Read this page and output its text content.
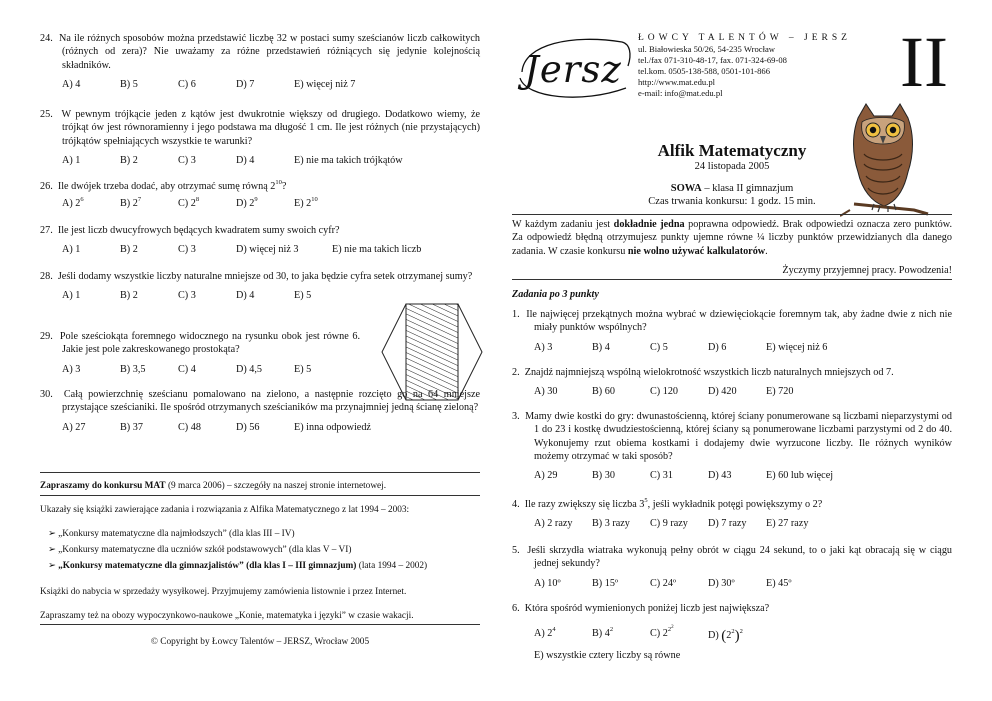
24. Na ile różnych sposobów można przedstawić liczbę 32 w postaci sumy sześcianów liczb całkowitych (różnych od zera)? Nie uważamy za różne przedstawień różniących się jedynie kolejnością składników.
A) 4	B) 5	C) 6	D) 7	E) więcej niż 7
25. W pewnym trójkącie jeden z kątów jest dwukrotnie większy od drugiego. Dodatkowo wiemy, że trójkąt ów jest równoramienny i jego podstawa ma długość 1 cm. Ile jest różnych (nie przystających) trójkątów spełniających wszystkie te warunki?
A) 1	B) 2	C) 3	D) 4	E) nie ma takich trójkątów
26. Ile dwójek trzeba dodać, aby otrzymać sumę równą $2^{10}$?
A) $2^6$	B) $2^7$	C) $2^8$	D) $2^9$	E) $2^{10}$
27. Ile jest liczb dwucyfrowych będących kwadratem sumy swoich cyfr?
A) 1	B) 2	C) 3	D) więcej niż 3	E) nie ma takich liczb
28. Jeśli dodamy wszystkie liczby naturalne mniejsze od 30, to jaka będzie cyfra setek otrzymanej sumy?
A) 1	B) 2	C) 3	D) 4	E) 5
29. Pole sześciokąta foremnego widocznego na rysunku obok jest równe 6. Jakie jest pole zakreskowanego prostokąta?
A) 3	B) 3,5	C) 4	D) 4,5	E) 5
30. Całą powierzchnię sześcianu pomalowano na zielono, a następnie rozcięto go na 64 mniejsze przystające sześcianiki. Ile spośród otrzymanych sześcianików ma przynajmniej jedną ścianę zieloną?
A) 27	B) 37	C) 48	D) 56	E) inna odpowiedź
Zapraszamy do konkursu MAT (9 marca 2006) – szczegóły na naszej stronie internetowej.
Ukazały się książki zawierające zadania i rozwiązania z Alfika Matematycznego z lat 1994 – 2003:
➢ „Konkursy matematyczne dla najmłodszych” (dla klas III – IV)
➢ „Konkursy matematyczne dla uczniów szkół podstawowych” (dla klas V – VI)
➢ „Konkursy matematyczne dla gimnazjalistów” (dla klas I – III gimnazjum) (lata 1994 – 2002)
Książki do nabycia w sprzedaży wysyłkowej. Przyjmujemy zamówienia listownie i przez Internet.
Zapraszamy też na obozy wypoczynkowo-naukowe „Konie, matematyka i języki” w czasie wakacji.
© Copyright by Łowcy Talentów – JERSZ, Wrocław 2005
Jersz
ŁOWCY TALENTÓW – JERSZ
ul. Białowieska 50/26, 54-235 Wrocław
tel./fax 071-310-48-17, fax. 071-324-69-08
tel.kom. 0505-138-588, 0501-101-866
http://www.mat.edu.pl
e-mail: info@mat.edu.pl	II
Alfik Matematyczny
24 listopada 2005
SOWA – klasa II gimnazjum
Czas trwania konkursu: 1 godz. 15 min.
W każdym zadaniu jest dokładnie jedna poprawna odpowiedź. Brak odpowiedzi oznacza zero punktów. Za odpowiedź błędną otrzymujesz punkty ujemne równe ¼ liczby punktów przewidzianych dla danego zadania. W czasie konkursu nie wolno używać kalkulatorów.
Życzymy przyjemnej pracy. Powodzenia!
Zadania po 3 punkty
1. Ile najwięcej przekątnych można wybrać w dziewięciokącie foremnym tak, aby żadne dwie z nich nie miały punktów wspólnych?
A) 3	B) 4	C) 5	D) 6	E) więcej niż 6
2. Znajdź najmniejszą wspólną wielokrotność wszystkich liczb naturalnych mniejszych od 7.
A) 30	B) 60	C) 120	D) 420	E) 720
3. Mamy dwie kostki do gry: dwunastościenną, której ściany ponumerowane są liczbami nieparzystymi od 1 do 23 i kostkę dwudziestościenną, której ściany są ponumerowane liczbami parzystymi od 2 do 40. Wykonujemy rzut obiema kostkami i dodajemy dwie wyrzucone liczby. Ile różnych wyników możemy otrzymać w taki sposób?
A) 29	B) 30	C) 31	D) 43	E) 60 lub więcej
4. Ile razy zwiększy się liczba $3^5$, jeśli wykładnik potęgi powiększymy o 2?
A) 2 razy	B) 3 razy	C) 9 razy	D) 7 razy	E) 27 razy
5. Jeśli skrzydła wiatraka wykonują pełny obrót w ciągu 24 sekund, to o jaki kąt obracają się w ciągu jednej sekundy?
A) 10º	B) 15º	C) 24º	D) 30º	E) 45º
6. Która spośród wymienionych poniżej liczb jest największa?
A) $2^4$	B) $4^2$	C) $2^{2^2}$
D) $(2^2)^2$
E) wszystkie cztery liczby są równe
